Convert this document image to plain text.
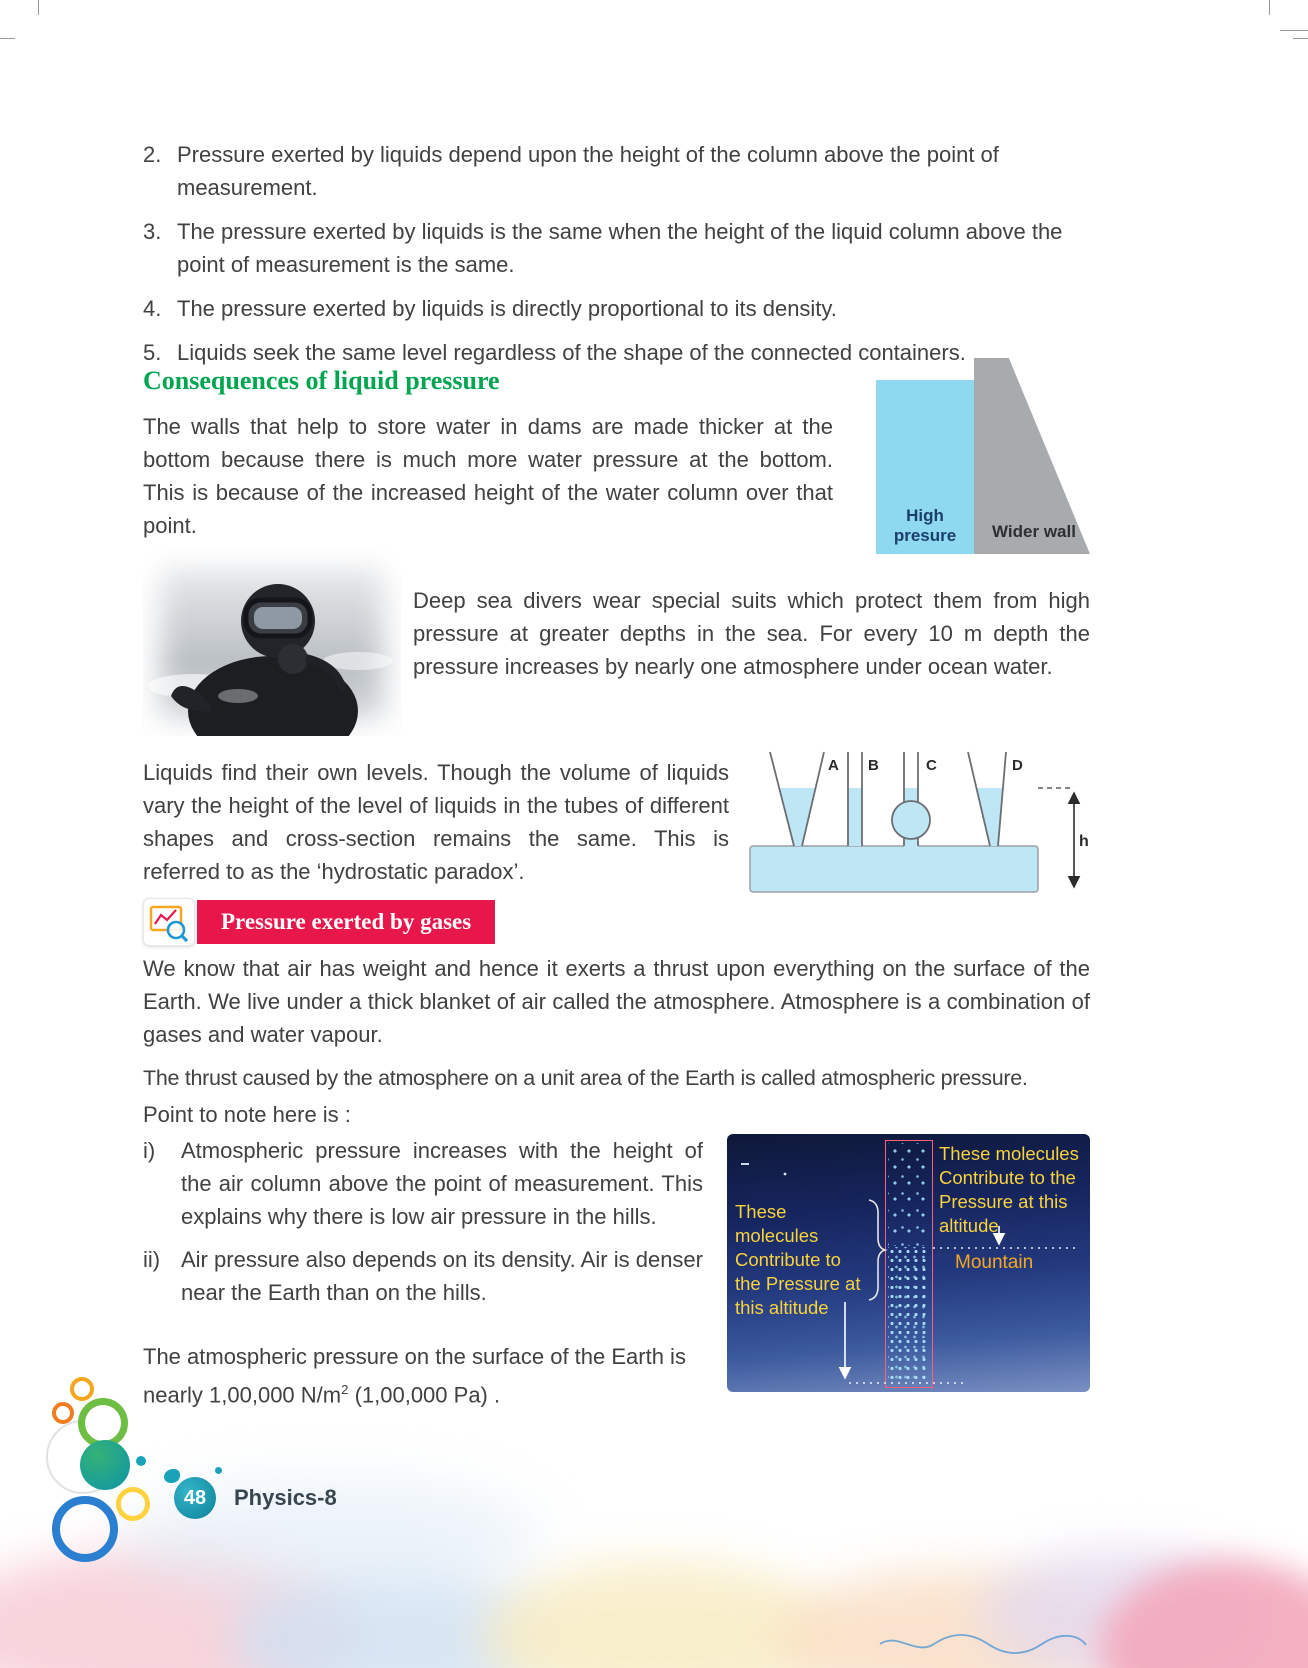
2. Pressure exerted by liquids depend upon the height of the column above the point of measurement.
3. The pressure exerted by liquids is the same when the height of the liquid column above the point of measurement is the same.
4. The pressure exerted by liquids is directly proportional to its density.
5. Liquids seek the same level regardless of the shape of the connected containers.
Consequences of liquid pressure
The walls that help to store water in dams are made thicker at the bottom because there is much more water pressure at the bottom. This is because of the increased height of the water column over that point.	High presure	Wider wall
Deep sea divers wear special suits which protect them from high pressure at greater depths in the sea. For every 10 m depth the pressure increases by nearly one atmosphere under ocean water.
Liquids find their own levels. Though the volume of liquids vary the height of the level of liquids in the tubes of different shapes and cross-section remains the same. This is referred to as the ‘hydrostatic paradox’.
A B	C	D
h
Pressure exerted by gases
We know that air has weight and hence it exerts a thrust upon everything on the surface of the Earth. We live under a thick blanket of air called the atmosphere. Atmosphere is a combination of gases and water vapour.
The thrust caused by the atmosphere on a unit area of the Earth is called atmospheric pressure.
Point to note here is :
i)	Atmospheric pressure increases with the height of the air column above the point of measurement. This explains why there is low air pressure in the hills.
ii) Air pressure also depends on its density. Air is denser near the Earth than on the hills.
The atmospheric pressure on the surface of the Earth is nearly 1,00,000 $N/m^2$ (1,00,000 Pa) .
These molecules Contribute to the Pressure at this altitude
These molecules Contribute to the Pressure at this altitude
Mountain
48 Physics-8
